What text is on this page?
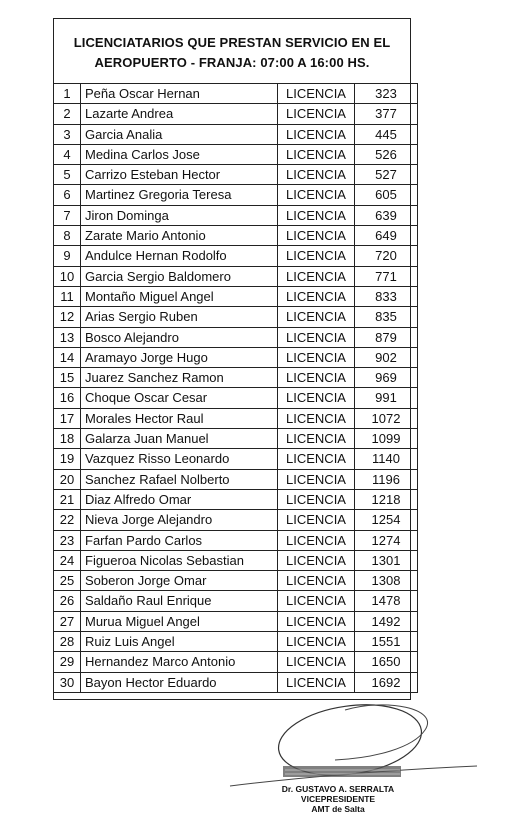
LICENCIATARIOS QUE PRESTAN SERVICIO EN EL
AEROPUERTO - FRANJA: 07:00 A 16:00 HS.
1	Peña Oscar Hernan	LICENCIA	323
2	Lazarte Andrea	LICENCIA	377
3	Garcia Analia	LICENCIA	445
4	Medina Carlos Jose	LICENCIA	526
5	Carrizo Esteban Hector	LICENCIA	527
6	Martinez Gregoria Teresa	LICENCIA	605
7	Jiron Dominga	LICENCIA	639
8	Zarate Mario Antonio	LICENCIA	649
9	Andulce Hernan Rodolfo	LICENCIA	720
10	Garcia Sergio Baldomero	LICENCIA	771
11	Montaño Miguel Angel	LICENCIA	833
12	Arias Sergio Ruben	LICENCIA	835
13	Bosco Alejandro	LICENCIA	879
14	Aramayo Jorge Hugo	LICENCIA	902
15	Juarez Sanchez Ramon	LICENCIA	969
16	Choque Oscar Cesar	LICENCIA	991
17	Morales Hector Raul	LICENCIA	1072
18	Galarza Juan Manuel	LICENCIA	1099
19	Vazquez Risso Leonardo	LICENCIA	1140
20	Sanchez Rafael Nolberto	LICENCIA	1196
21	Diaz Alfredo Omar	LICENCIA	1218
22	Nieva Jorge Alejandro	LICENCIA	1254
23	Farfan Pardo Carlos	LICENCIA	1274
24	Figueroa Nicolas Sebastian	LICENCIA	1301
25	Soberon Jorge Omar	LICENCIA	1308
26	Saldaño Raul Enrique	LICENCIA	1478
27	Murua Miguel Angel	LICENCIA	1492
28	Ruiz Luis Angel	LICENCIA	1551
29	Hernandez Marco Antonio	LICENCIA	1650
30	Bayon Hector Eduardo	LICENCIA	1692
Dr. GUSTAVO A. SERRALTA
VICEPRESIDENTE
AMT de Salta
